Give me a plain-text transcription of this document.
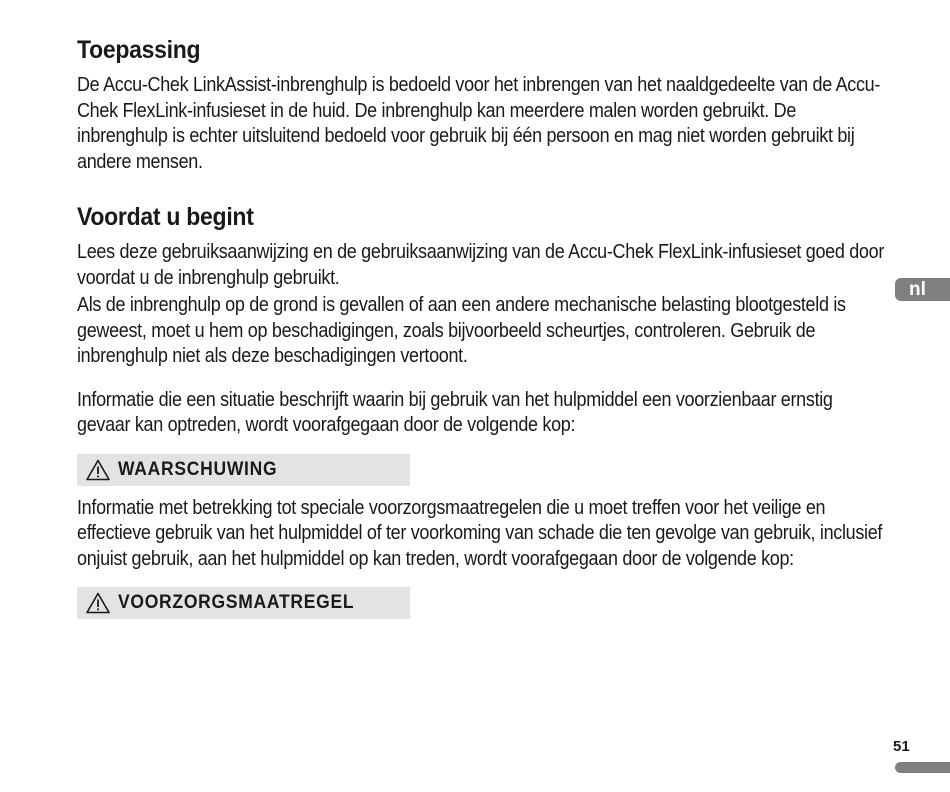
Toepassing

De Accu-Chek LinkAssist-inbrenghulp is bedoeld voor het inbrengen van het naaldgedeelte van de Accu-Chek FlexLink-infusieset in de huid. De inbrenghulp kan meerdere malen worden gebruikt. De inbrenghulp is echter uitsluitend bedoeld voor gebruik bij één persoon en mag niet worden gebruikt bij andere mensen.

Voordat u begint

Lees deze gebruiksaanwijzing en de gebruiksaanwijzing van de Accu-Chek FlexLink-infusieset goed door voordat u de inbrenghulp gebruikt.

Als de inbrenghulp op de grond is gevallen of aan een andere mechanische belasting blootgesteld is geweest, moet u hem op beschadigingen, zoals bijvoorbeeld scheurtjes, controleren. Gebruik de inbrenghulp niet als deze beschadigingen vertoont.

Informatie die een situatie beschrijft waarin bij gebruik van het hulpmiddel een voorzienbaar ernstig gevaar kan optreden, wordt voorafgegaan door de volgende kop:

WAARSCHUWING

Informatie met betrekking tot speciale voorzorgsmaatregelen die u moet treffen voor het veilige en effectieve gebruik van het hulpmiddel of ter voorkoming van schade die ten gevolge van gebruik, inclusief onjuist gebruik, aan het hulpmiddel op kan treden, wordt voorafgegaan door de volgende kop:

VOORZORGSMAATREGEL
nl
51
